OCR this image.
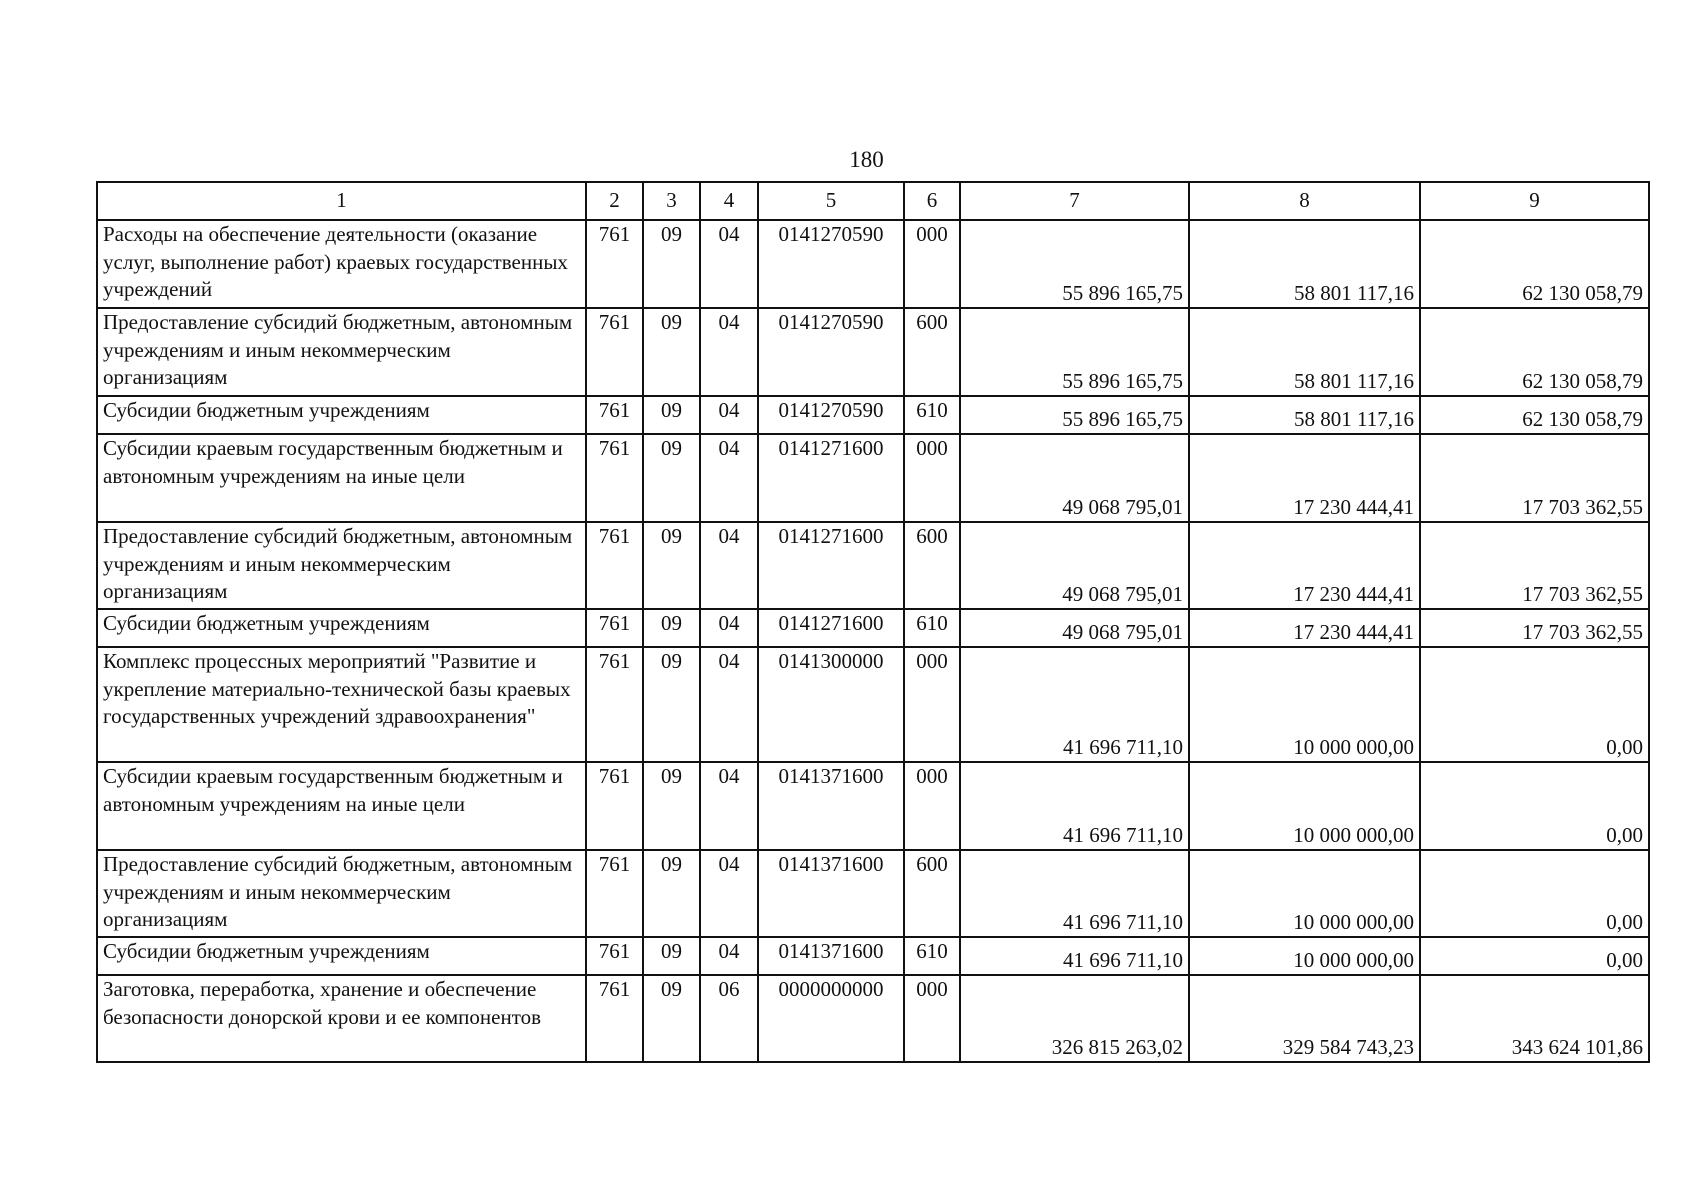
180
1	2	3	4	5	6	7	8	9
Расходы на обеспечение деятельности (оказание услуг, выполнение работ) краевых государственных учреждений	761	09	04	0141270590	000	55 896 165,75	58 801 117,16	62 130 058,79
Предоставление субсидий бюджетным, автономным учреждениям и иным некоммерческим организациям	761	09	04	0141270590	600	55 896 165,75	58 801 117,16	62 130 058,79
Субсидии бюджетным учреждениям	761	09	04	0141270590	610	55 896 165,75	58 801 117,16	62 130 058,79
Субсидии краевым государственным бюджетным и автономным учреждениям на иные цели	761	09	04	0141271600	000	49 068 795,01	17 230 444,41	17 703 362,55
Предоставление субсидий бюджетным, автономным учреждениям и иным некоммерческим организациям	761	09	04	0141271600	600	49 068 795,01	17 230 444,41	17 703 362,55
Субсидии бюджетным учреждениям	761	09	04	0141271600	610	49 068 795,01	17 230 444,41	17 703 362,55
Комплекс процессных мероприятий "Развитие и укрепление материально-технической базы краевых государственных учреждений здравоохранения"	761	09	04	0141300000	000	41 696 711,10	10 000 000,00	0,00
Субсидии краевым государственным бюджетным и автономным учреждениям на иные цели	761	09	04	0141371600	000	41 696 711,10	10 000 000,00	0,00
Предоставление субсидий бюджетным, автономным учреждениям и иным некоммерческим организациям	761	09	04	0141371600	600	41 696 711,10	10 000 000,00	0,00
Субсидии бюджетным учреждениям	761	09	04	0141371600	610	41 696 711,10	10 000 000,00	0,00
Заготовка, переработка, хранение и обеспечение безопасности донорской крови и ее компонентов	761	09	06	0000000000	000	326 815 263,02	329 584 743,23	343 624 101,86
